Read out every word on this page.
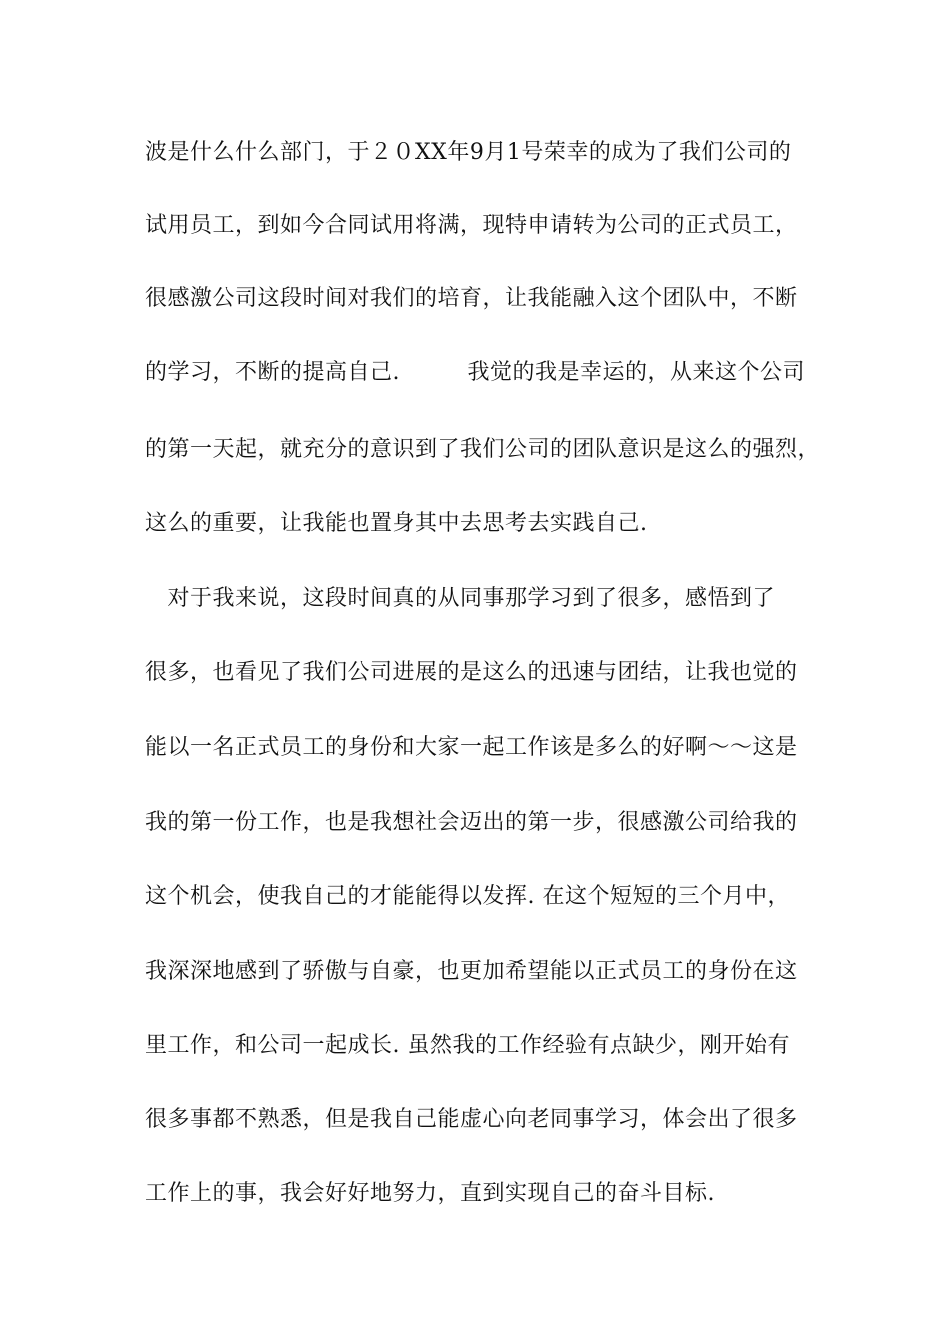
波是什么什么部门，于２０XX年9月1号荣幸的成为了我们公司的
试用员工，到如今合同试用将满，现特申请转为公司的正式员工，
很感激公司这段时间对我们的培育，让我能融入这个团队中，不断
的学习，不断的提高自己.　　　我觉的我是幸运的，从来这个公司
的第一天起，就充分的意识到了我们公司的团队意识是这么的强烈，
这么的重要，让我能也置身其中去思考去实践自己.
　对于我来说，这段时间真的从同事那学习到了很多，感悟到了
很多，也看见了我们公司进展的是这么的迅速与团结，让我也觉的
能以一名正式员工的身份和大家一起工作该是多么的好啊～～这是
我的第一份工作，也是我想社会迈出的第一步，很感激公司给我的
这个机会，使我自己的才能能得以发挥. 在这个短短的三个月中，
我深深地感到了骄傲与自豪，也更加希望能以正式员工的身份在这
里工作，和公司一起成长. 虽然我的工作经验有点缺少，刚开始有
很多事都不熟悉，但是我自己能虚心向老同事学习，体会出了很多
工作上的事，我会好好地努力，直到实现自己的奋斗目标.
